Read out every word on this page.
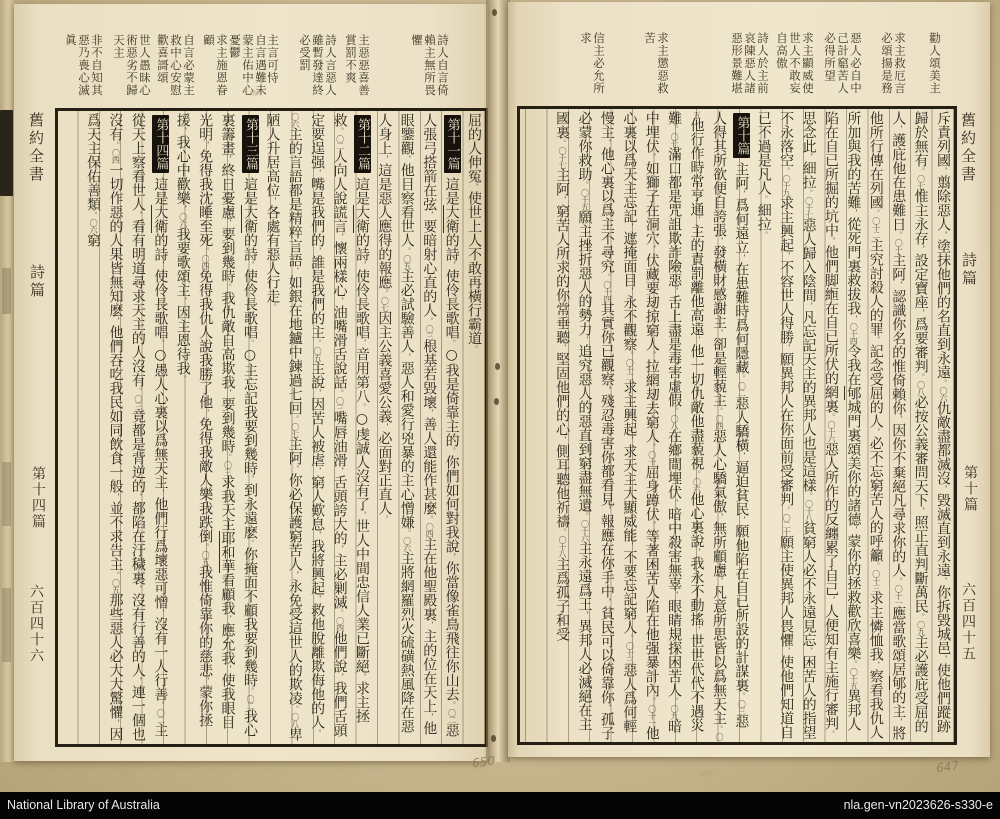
舊約全書
詩篇
第十四篇
六百四十六
詩人自言倚賴主無所畏懼
主惡惡喜善賞罰不爽
詩人言惡人雖暫發達終必受罰
主言可恃
自言遇難未蒙主佑中心憂鬱
求主施恩眷顧
自言必蒙主救中心安慰歡喜謌頌
世人愚昧心術惡劣不歸天主
非不自知其惡乃喪心滅眞
屈的人伸冤，使世上人不敢再橫行霸道。
第十一篇這是大衛的詩，使伶長歌唱。○我是倚靠主的。你們如何對我說，你當像雀鳥飛往你山去。〇二惡人張弓搭箭在弦，要暗射心直的人。〇三根基若毀壞，善人還能作甚麼。〇四主在他聖殿裏，主的位在天上，他眼鑒觀，他目察看世人。〇五主必試驗善人，惡人和愛行兇暴的主心憎嫌。〇六主將網羅烈火硫磺熱風降在惡人身上，這是惡人應得的報應。〇七因主公義喜愛公義，必面對正直人。
第十二篇這是大衛的詩，使伶長歌唱，音用第八。○虔誠人沒有了，世人中間忠信人業已斷絕，求主拯救。〇二人向人說謊言，懷兩樣心，油嘴滑舌說話。〇三嘴唇油滑，舌頭誇大的，主必剿滅。〇四他們說，我們舌頭定要逞强，嘴是我們的，誰是我們的主。〇五主說，因苦人被虐，窮人歎息，我將興起，救他脫離欺侮他的人。〇六主的言語都是精粹言語，如銀在地鑪中鍊過七回。〇七主阿，你必保護窮苦人，永免受這世人的欺凌。〇八卑陋人升居高位，各處有惡人行走。
第十三篇這是大衛的詩，使伶長歌唱。○主忘記我要到幾時，到永遠麽。你掩面不顧我要到幾時。〇二我心裏籌畫，終日憂慮，要到幾時。我仇敵自高欺我，要到幾時。〇三求我天主耶和華看顧我，應允我，使我眼目光明，免得我沈睡至死。〇四免得我仇人說我勝了他，免得我敵人樂我跌倒。〇五我惟倚靠你的慈悲，蒙你拯援，我心中歡樂，〇六我要歌頌主，因主恩待我。
第十四篇這是大衛的詩，使伶長歌唱。○愚人心裏以爲無天主，他們行爲壞惡可憎，沒有一人行善。〇二主從天上察看世人，看有明道尋求天主的人沒有。〇三竟都是背逆的，都陷在汙穢裏，沒有行善的人，連一個也沒有。〇四一切作惡的人果皆無知麽，他們吞吃我民如同飲食一般，並不求告主。〇五那些惡人必大大驚懼，因爲天主保佑善類。〇六窮
舊約全書
詩篇
第十篇
六百四十五
勸人頌美主
求主救厄言必頌揚是務
惡人必自中己計竆苦人必得所望
求主顯威使世人不敢妄自高傲
詩人於主前哀陳惡人諸惡形景難堪
求主懲惡救苦
信主必允所求
斥責列國，翦除惡人，塗抹他們的名直到永遠。〇六仇敵盡都滅沒，毀滅直到永遠，你拆毀城邑，使他們蹤跡歸於無有。〇七惟主永存，設定寶座，爲要審判。〇八必按公義審問天下，照正直判斷萬民。〇九主必護庇受屈的人，護庇他在患難日。〇十主阿，認識你名的惟倚賴你，因你不棄絕凡尋求你的人。〇十一應當歌頌居郇的主，將他所行傳在列國。〇十二主究討殺人的罪，記念受屈的人，必不忘窮苦人的呼籲。〇十三求主憐恤我，察看我仇人所加與我的苦難，從死門裏救拔我，〇十四令我在郇城門裏頌美你的諸德，蒙你的拯救歡欣喜樂。〇十五異邦人陷在自已所掘的坑中，他們脚縆在自已所伏的網裏。〇十六惡人所作的反纏累了自己，人便知有主施行審判。思念此，細拉。〇十七惡人歸入陰間，凡忘記天主的異邦人也是這樣。〇十八貧窮人必不永遠見忘，困苦人的指望不永落空。〇十九求主興起，不容世人得勝，願異邦人在你面前受審判。〇二十願主使異邦人畏懼，使他們知道自已不過是凡人。細拉。
第十篇主阿，爲何遠立，在患難時爲何隱藏。〇二惡人驕橫，逼迫貧民，願他陷在自已所設的計謀裏。〇三惡人得其所欲便自誇張，發橫財感謝主，卻是輕藐主。〇四惡人心驕氣傲，無所顧慮，凡意所思皆以爲無天主。〇五他行作時常亨通，主的責罰離他高遠，他一切仇敵他盡藐視。〇六他心裏說，我永不動搖，世世代代不遇災難。〇七滿口都是咒詛欺詐險惡，舌上盡是毒害虛假。〇八在鄉間埋伏，暗中殺害無辜，眼睛規探困苦人。〇九暗中埋伏，如獅子在洞穴，伏藏要刼掠窮人，拉網刼去窮人。〇十屈身蹲伏，等著困苦人陷在他强暴計內。〇十一他心裏以爲天主忘記，遮掩面目，永不觀察。〇十二求主興起，求天主大顯威能，不要忘記窮人。〇十三惡人爲何輕慢主，他心裏以爲主不尋究。〇十四其實你已觀察，殘忍毒害你都看見，報應在你手中，貧民可以倚靠你，孤子必蒙你救助。〇十五願主挫折惡人的勢力，追究惡人的惡直到窮盡無遺。〇十六主永遠爲王，異邦人必滅絕在主國裏。〇十七主阿，窮苦人所求的你常垂聽，堅固他們的心，側耳聽他祈禱。〇十八主爲孤子和受
650	647
National Library of Australia	nla.gen-vn2023626-s330-e
